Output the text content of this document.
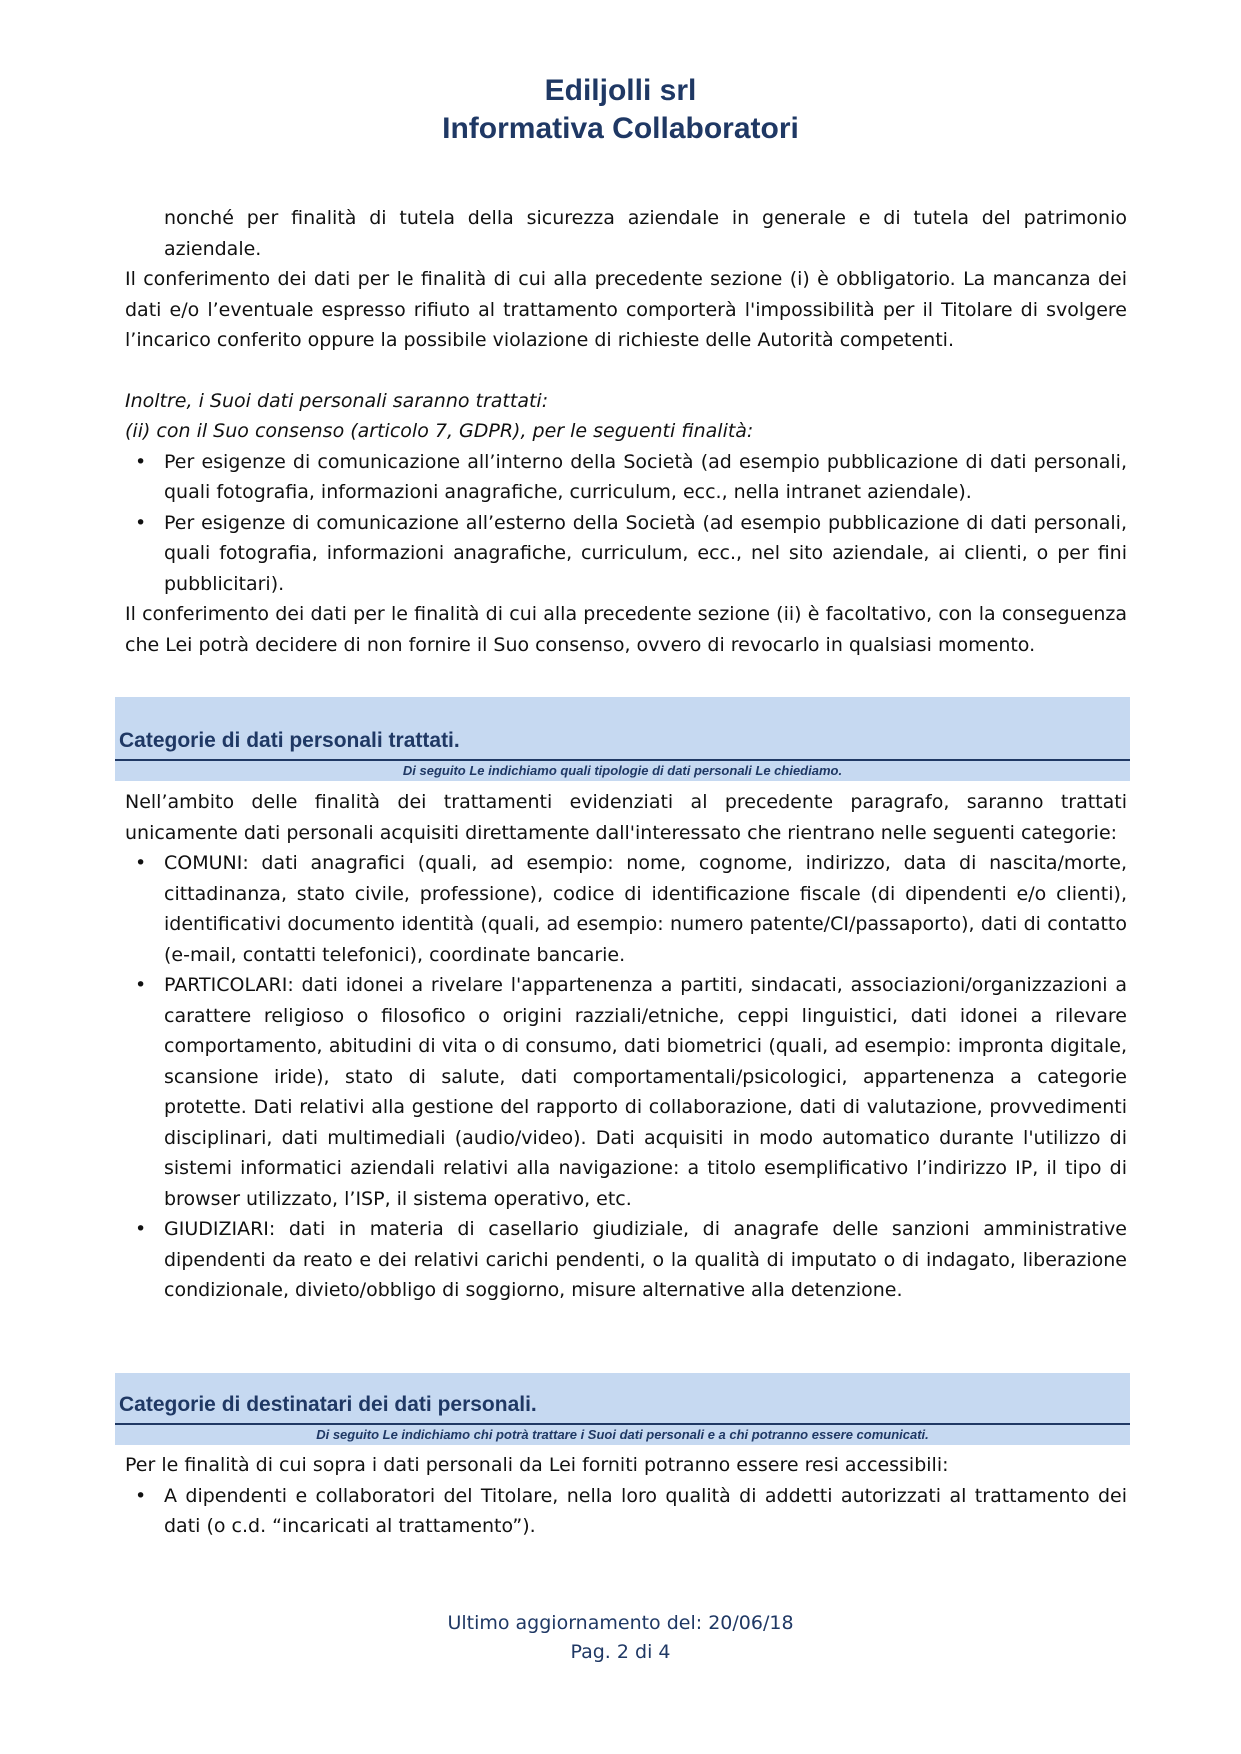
Ediljolli srl
Informativa Collaboratori

nonché per finalità di tutela della sicurezza aziendale in generale e di tutela del patrimonio aziendale.

Il conferimento dei dati per le finalità di cui alla precedente sezione (i) è obbligatorio. La mancanza dei dati e/o l’eventuale espresso rifiuto al trattamento comporterà l'impossibilità per il Titolare di svolgere l’incarico conferito oppure la possibile violazione di richieste delle Autorità competenti.

Inoltre, i Suoi dati personali saranno trattati:

(ii) con il Suo consenso (articolo 7, GDPR), per le seguenti finalità:

• Per esigenze di comunicazione all’interno della Società (ad esempio pubblicazione di dati personali, quali fotografia, informazioni anagrafiche, curriculum, ecc., nella intranet aziendale).
• Per esigenze di comunicazione all’esterno della Società (ad esempio pubblicazione di dati personali, quali fotografia, informazioni anagrafiche, curriculum, ecc., nel sito aziendale, ai clienti, o per fini pubblicitari).

Il conferimento dei dati per le finalità di cui alla precedente sezione (ii) è facoltativo, con la conseguenza che Lei potrà decidere di non fornire il Suo consenso, ovvero di revocarlo in qualsiasi momento.

Categorie di dati personali trattati.
Di seguito Le indichiamo quali tipologie di dati personali Le chiediamo.

Nell’ambito delle finalità dei trattamenti evidenziati al precedente paragrafo, saranno trattati unicamente dati personali acquisiti direttamente dall'interessato che rientrano nelle seguenti categorie:

• COMUNI: dati anagrafici (quali, ad esempio: nome, cognome, indirizzo, data di nascita/morte, cittadinanza, stato civile, professione), codice di identificazione fiscale (di dipendenti e/o clienti), identificativi documento identità (quali, ad esempio: numero patente/CI/passaporto), dati di contatto (e-mail, contatti telefonici), coordinate bancarie.
• PARTICOLARI: dati idonei a rivelare l'appartenenza a partiti, sindacati, associazioni/organizzazioni a carattere religioso o filosofico o origini razziali/etniche, ceppi linguistici, dati idonei a rilevare comportamento, abitudini di vita o di consumo, dati biometrici (quali, ad esempio: impronta digitale, scansione iride), stato di salute, dati comportamentali/psicologici, appartenenza a categorie protette. Dati relativi alla gestione del rapporto di collaborazione, dati di valutazione, provvedimenti disciplinari, dati multimediali (audio/video). Dati acquisiti in modo automatico durante l'utilizzo di sistemi informatici aziendali relativi alla navigazione: a titolo esemplificativo l’indirizzo IP, il tipo di browser utilizzato, l’ISP, il sistema operativo, etc.
• GIUDIZIARI: dati in materia di casellario giudiziale, di anagrafe delle sanzioni amministrative dipendenti da reato e dei relativi carichi pendenti, o la qualità di imputato o di indagato, liberazione condizionale, divieto/obbligo di soggiorno, misure alternative alla detenzione.
Categorie di destinatari dei dati personali.
Di seguito Le indichiamo chi potrà trattare i Suoi dati personali e a chi potranno essere comunicati.

Per le finalità di cui sopra i dati personali da Lei forniti potranno essere resi accessibili:

• A dipendenti e collaboratori del Titolare, nella loro qualità di addetti autorizzati al trattamento dei dati (o c.d. “incaricati al trattamento”).
Ultimo aggiornamento del: 20/06/18
Pag. 2 di 4
